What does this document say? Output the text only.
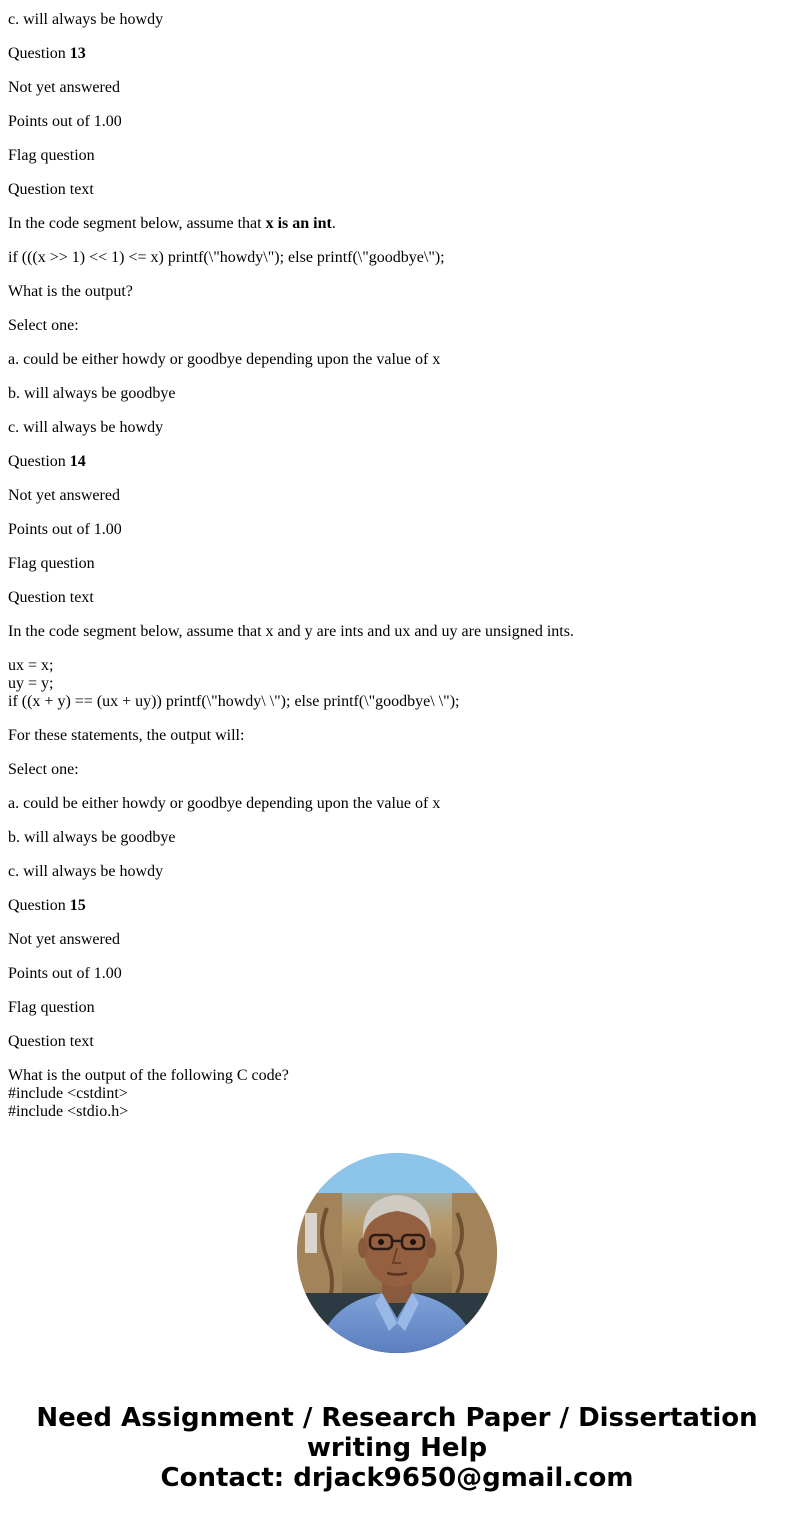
c. will always be howdy

Question 13

Not yet answered

Points out of 1.00

Flag question

Question text

In the code segment below, assume that x is an int.

if (((x >> 1) << 1) <= x) printf(\"howdy\"); else printf(\"goodbye\");

What is the output?

Select one:

a. could be either howdy or goodbye depending upon the value of x

b. will always be goodbye

c. will always be howdy

Question 14

Not yet answered

Points out of 1.00

Flag question

Question text

In the code segment below, assume that x and y are ints and ux and uy are unsigned ints.

ux = x;
uy = y;
if ((x + y) == (ux + uy)) printf(\"howdy\ \"); else printf(\"goodbye\ \");

For these statements, the output will:

Select one:

a. could be either howdy or goodbye depending upon the value of x

b. will always be goodbye

c. will always be howdy

Question 15

Not yet answered

Points out of 1.00

Flag question

Question text

What is the output of the following C code?
#include <cstdint>
#include <stdio.h>

Need Assignment / Research Paper / Dissertation
writing Help
Contact: drjack9650@gmail.com
